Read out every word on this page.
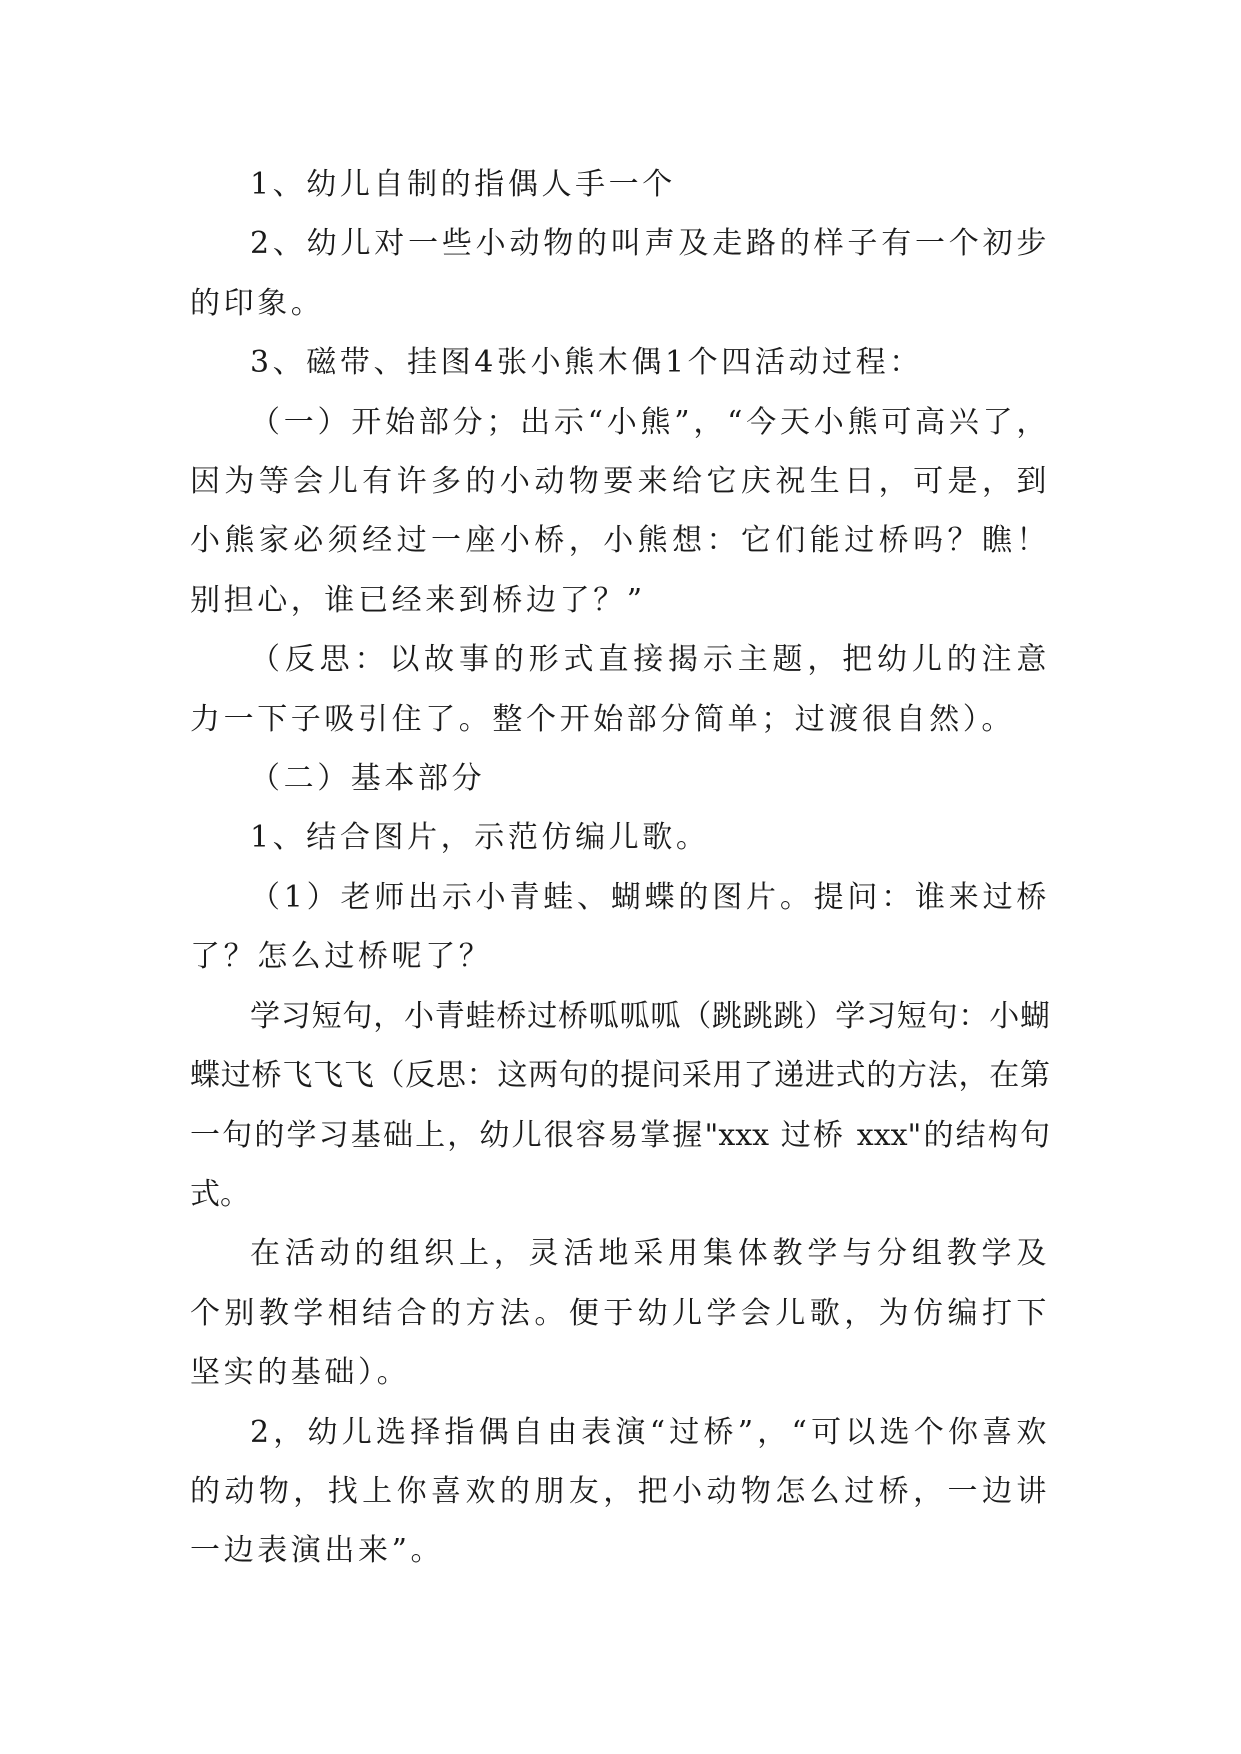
1、幼儿自制的指偶人手一个

2、幼儿对一些小动物的叫声及走路的样子有一个初步的印象。

3、磁带、挂图4张小熊木偶1个四活动过程：

（一）开始部分；出示“小熊”，“今天小熊可高兴了，因为等会儿有许多的小动物要来给它庆祝生日，可是，到小熊家必须经过一座小桥，小熊想：它们能过桥吗？瞧！别担心，谁已经来到桥边了？”

（反思：以故事的形式直接揭示主题，把幼儿的注意力一下子吸引住了。整个开始部分简单；过渡很自然）。

（二）基本部分

1、结合图片，示范仿编儿歌。

（1）老师出示小青蛙、蝴蝶的图片。提问：谁来过桥了？怎么过桥呢了？

学习短句，小青蛙桥过桥呱呱呱（跳跳跳）学习短句：小蝴蝶过桥飞飞飞（反思：这两句的提问采用了递进式的方法，在第一句的学习基础上，幼儿很容易掌握"xxx 过桥 xxx"的结构句式。

在活动的组织上，灵活地采用集体教学与分组教学及个别教学相结合的方法。便于幼儿学会儿歌，为仿编打下坚实的基础）。

2，幼儿选择指偶自由表演“过桥”，“可以选个你喜欢的动物，找上你喜欢的朋友，把小动物怎么过桥，一边讲一边表演出来”。
